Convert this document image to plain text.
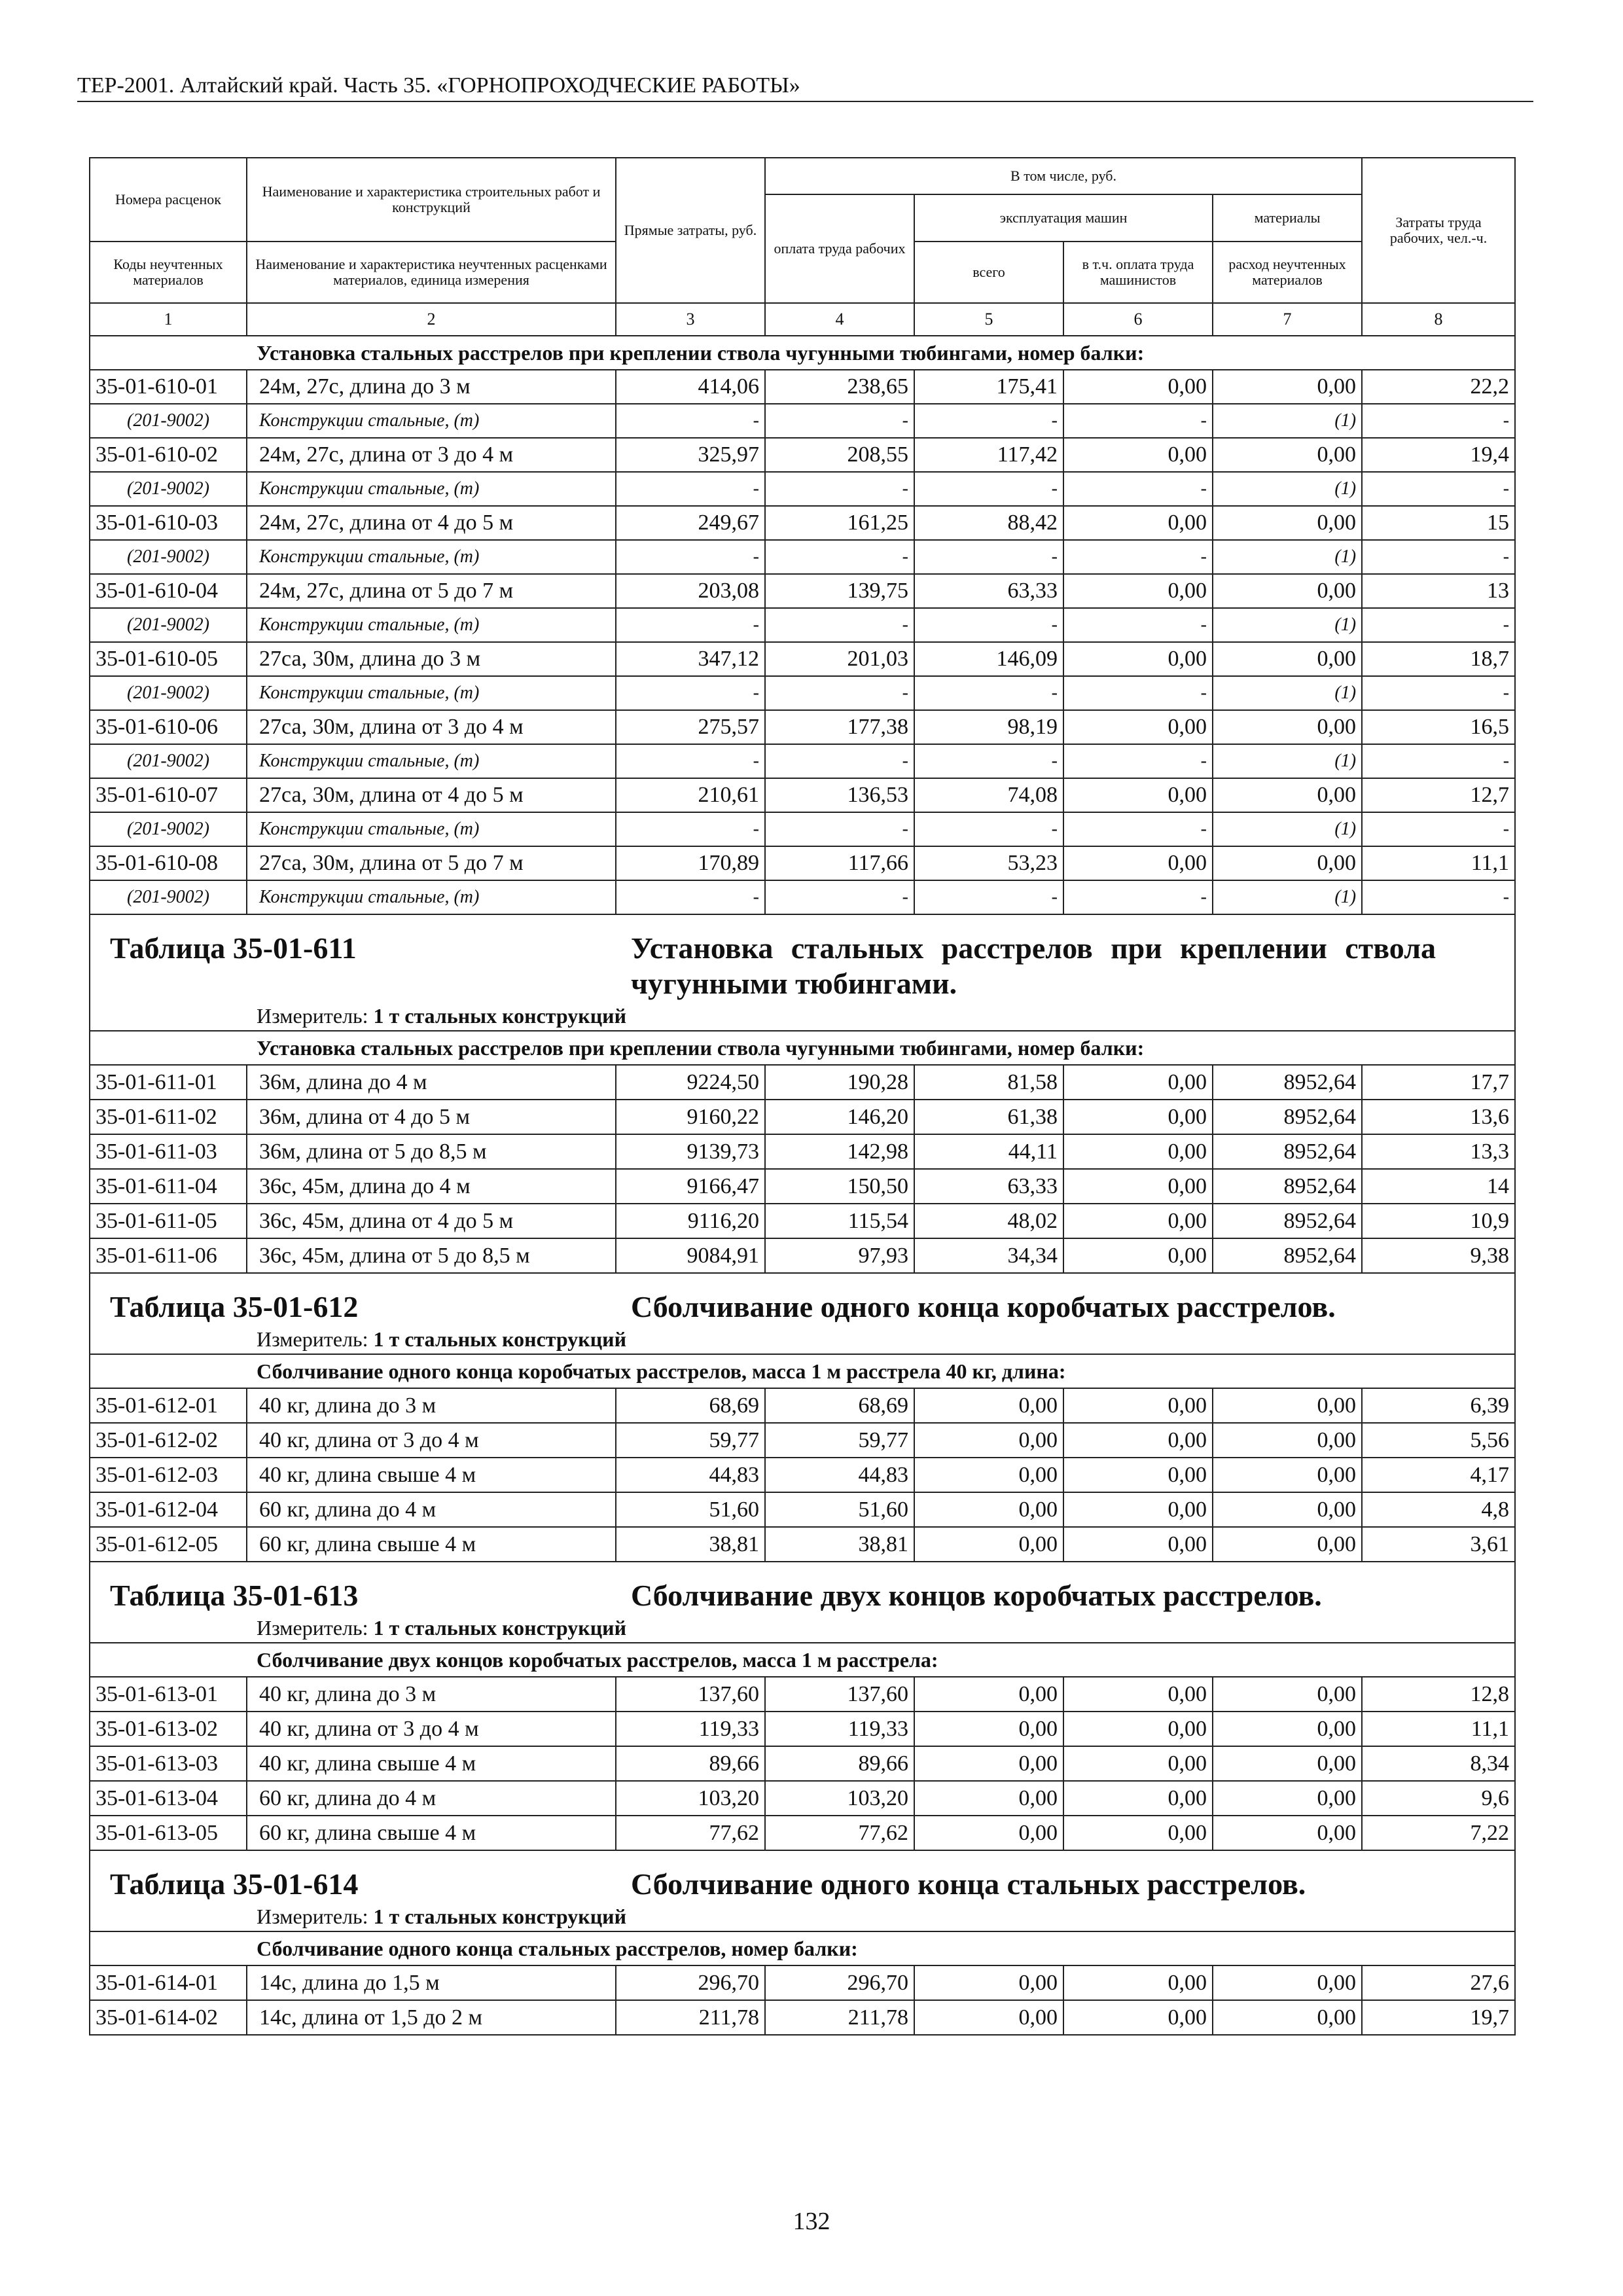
ТЕР-2001. Алтайский край. Часть 35. «ГОРНОПРОХОДЧЕСКИЕ РАБОТЫ»
Номера расценок	Наименование и характеристика строительных работ и конструкций	Прямые затраты, руб.	В том числе, руб.				Затраты труда рабочих, чел.-ч.
			оплата труда рабочих	эксплуатация машин		материалы	
Коды неучтенных материалов	Наименование и характеристика неучтенных расценками материалов, единица измерения			всего	в т.ч. оплата труда машинистов	расход неучтенных материалов	
1	2	3	4	5	6	7	8
Установка стальных расстрелов при креплении ствола чугунными тюбингами, номер балки:							
35-01-610-01	24м, 27с, длина до 3 м	414,06	238,65	175,41	0,00	0,00	22,2
(201-9002)	Конструкции стальные, (т)	-	-	-	-	(1)	-
35-01-610-02	24м, 27с, длина от 3 до 4 м	325,97	208,55	117,42	0,00	0,00	19,4
(201-9002)	Конструкции стальные, (т)	-	-	-	-	(1)	-
35-01-610-03	24м, 27с, длина от 4 до 5 м	249,67	161,25	88,42	0,00	0,00	15
(201-9002)	Конструкции стальные, (т)	-	-	-	-	(1)	-
35-01-610-04	24м, 27с, длина от 5 до 7 м	203,08	139,75	63,33	0,00	0,00	13
(201-9002)	Конструкции стальные, (т)	-	-	-	-	(1)	-
35-01-610-05	27са, 30м, длина до 3 м	347,12	201,03	146,09	0,00	0,00	18,7
(201-9002)	Конструкции стальные, (т)	-	-	-	-	(1)	-
35-01-610-06	27са, 30м, длина от 3 до 4 м	275,57	177,38	98,19	0,00	0,00	16,5
(201-9002)	Конструкции стальные, (т)	-	-	-	-	(1)	-
35-01-610-07	27са, 30м, длина от 4 до 5 м	210,61	136,53	74,08	0,00	0,00	12,7
(201-9002)	Конструкции стальные, (т)	-	-	-	-	(1)	-
35-01-610-08	27са, 30м, длина от 5 до 7 м	170,89	117,66	53,23	0,00	0,00	11,1
(201-9002)	Конструкции стальные, (т)	-	-	-	-	(1)	-
Таблица 35-01-611 Установка стальных расстрелов при креплении ствола чугунными тюбингами.
Измеритель: 1 т стальных конструкций							

Установка стальных расстрелов при креплении ствола чугунными тюбингами, номер балки:							
35-01-611-01	36м, длина до 4 м	9224,50	190,28	81,58	0,00	8952,64	17,7
35-01-611-02	36м, длина от 4 до 5 м	9160,22	146,20	61,38	0,00	8952,64	13,6
35-01-611-03	36м, длина от 5 до 8,5 м	9139,73	142,98	44,11	0,00	8952,64	13,3
35-01-611-04	36с, 45м, длина до 4 м	9166,47	150,50	63,33	0,00	8952,64	14
35-01-611-05	36с, 45м, длина от 4 до 5 м	9116,20	115,54	48,02	0,00	8952,64	10,9
35-01-611-06	36с, 45м, длина от 5 до 8,5 м	9084,91	97,93	34,34	0,00	8952,64	9,38
Таблица 35-01-612 Сболчивание одного конца коробчатых расстрелов.
Измеритель: 1 т стальных конструкций							

Сболчивание одного конца коробчатых расстрелов, масса 1 м расстрела 40 кг, длина:							
35-01-612-01	40 кг, длина до 3 м	68,69	68,69	0,00	0,00	0,00	6,39
35-01-612-02	40 кг, длина от 3 до 4 м	59,77	59,77	0,00	0,00	0,00	5,56
35-01-612-03	40 кг, длина свыше 4 м	44,83	44,83	0,00	0,00	0,00	4,17
35-01-612-04	60 кг, длина до 4 м	51,60	51,60	0,00	0,00	0,00	4,8
35-01-612-05	60 кг, длина свыше 4 м	38,81	38,81	0,00	0,00	0,00	3,61
Таблица 35-01-613 Сболчивание двух концов коробчатых расстрелов.
Измеритель: 1 т стальных конструкций							

Сболчивание двух концов коробчатых расстрелов, масса 1 м расстрела:							
35-01-613-01	40 кг, длина до 3 м	137,60	137,60	0,00	0,00	0,00	12,8
35-01-613-02	40 кг, длина от 3 до 4 м	119,33	119,33	0,00	0,00	0,00	11,1
35-01-613-03	40 кг, длина свыше 4 м	89,66	89,66	0,00	0,00	0,00	8,34
35-01-613-04	60 кг, длина до 4 м	103,20	103,20	0,00	0,00	0,00	9,6
35-01-613-05	60 кг, длина свыше 4 м	77,62	77,62	0,00	0,00	0,00	7,22
Таблица 35-01-614 Сболчивание одного конца стальных расстрелов.
Измеритель: 1 т стальных конструкций							

Сболчивание одного конца стальных расстрелов, номер балки:							
35-01-614-01	14с, длина до 1,5 м	296,70	296,70	0,00	0,00	0,00	27,6
35-01-614-02	14с, длина от 1,5 до 2 м	211,78	211,78	0,00	0,00	0,00	19,7
132
